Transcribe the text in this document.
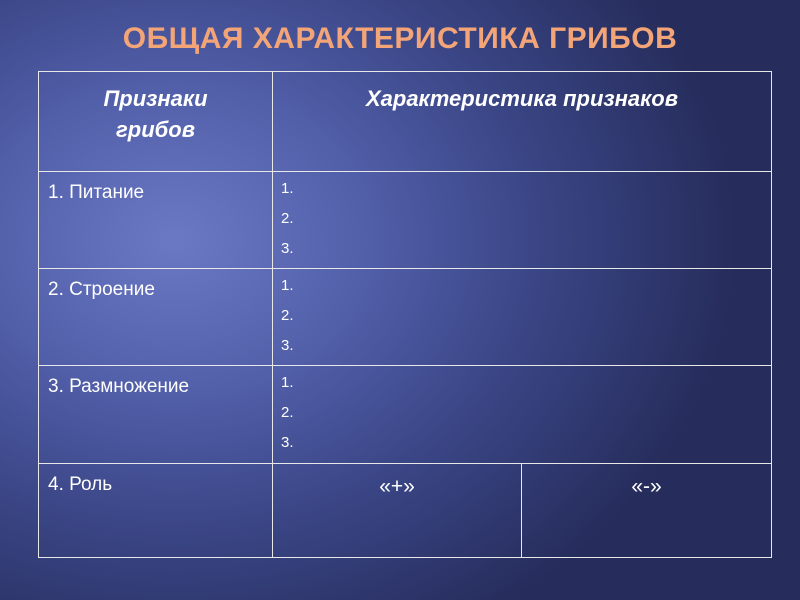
ОБЩАЯ ХАРАКТЕРИСТИКА ГРИБОВ
Признаки грибов
Характеристика признаков
1. Питание	1.
2.
3.
2. Строение	1.
2.
3.
3. Размножение	1.
2.
3.
4. Роль	«+»	«-»
